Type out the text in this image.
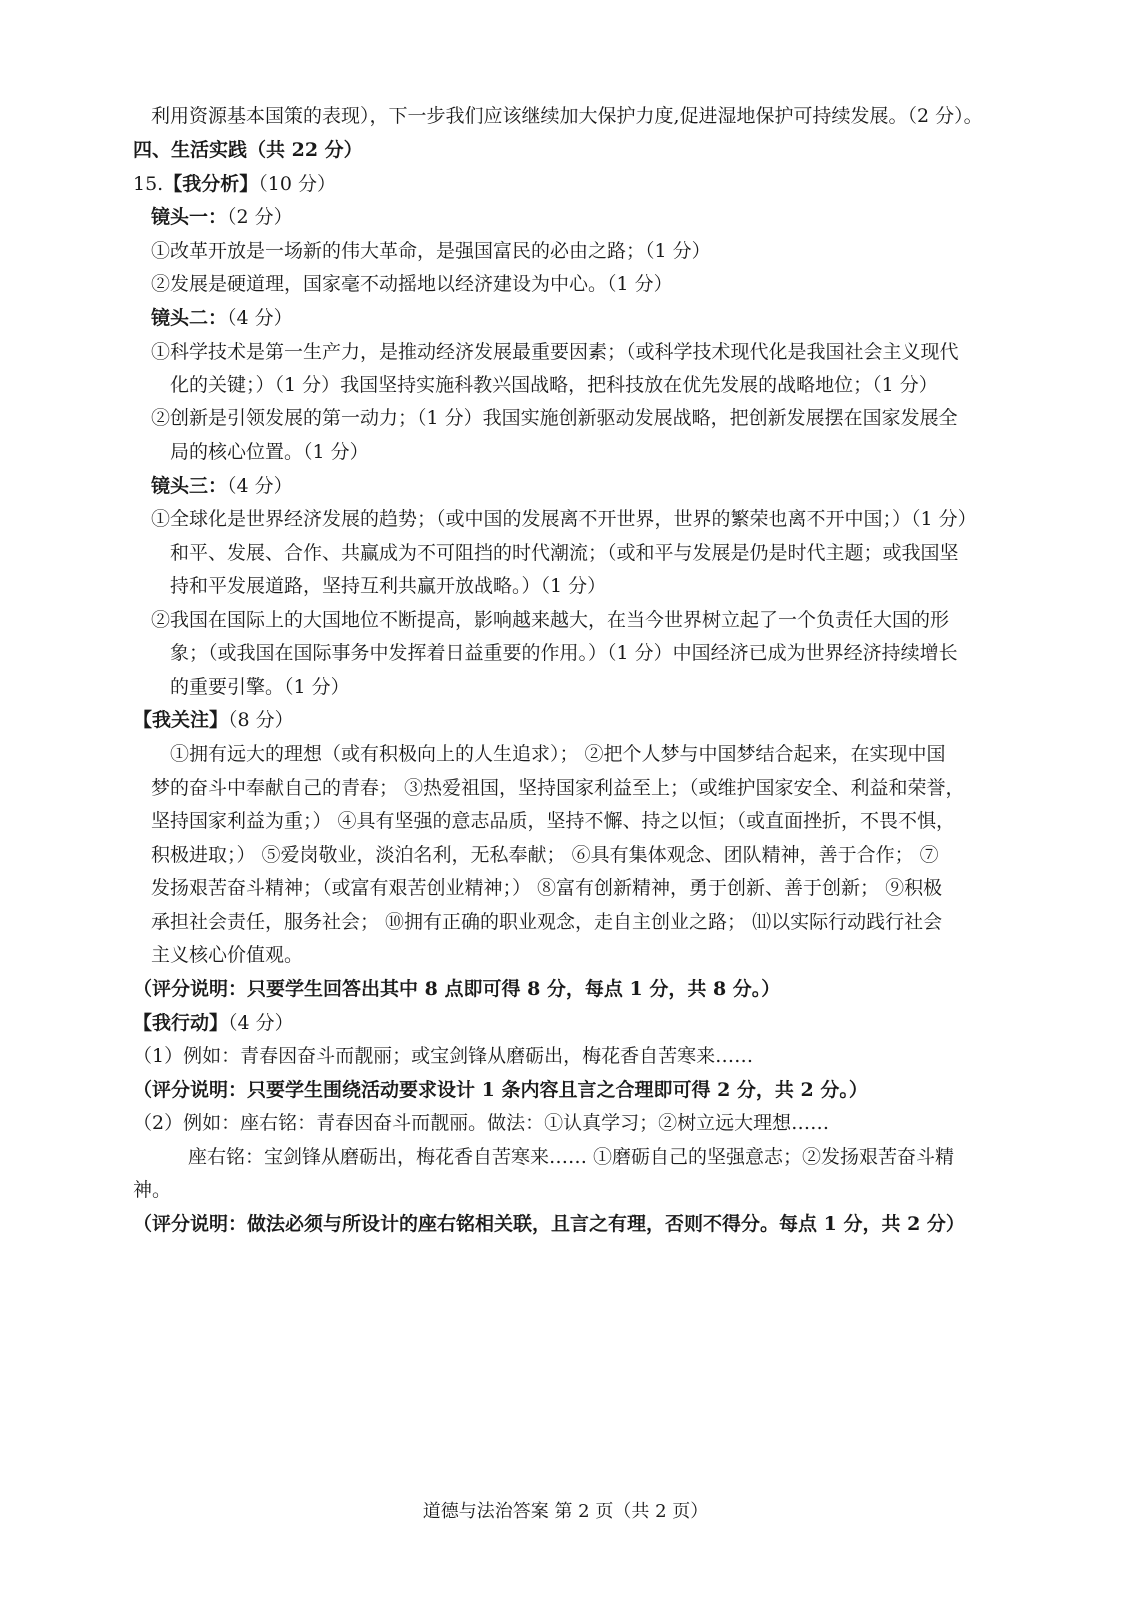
利用资源基本国策的表现），下一步我们应该继续加大保护力度,促进湿地保护可持续发展。（2 分）。
四、生活实践（共 22 分）
15.【我分析】（10 分）
镜头一：（2 分）
①改革开放是一场新的伟大革命，是强国富民的必由之路；（1 分）
②发展是硬道理，国家毫不动摇地以经济建设为中心。（1 分）
镜头二：（4 分）
①科学技术是第一生产力，是推动经济发展最重要因素；（或科学技术现代化是我国社会主义现代
化的关键；）（1 分）我国坚持实施科教兴国战略，把科技放在优先发展的战略地位；（1 分）
②创新是引领发展的第一动力；（1 分）我国实施创新驱动发展战略，把创新发展摆在国家发展全
局的核心位置。（1 分）
镜头三：（4 分）
①全球化是世界经济发展的趋势；（或中国的发展离不开世界，世界的繁荣也离不开中国；）（1 分）
和平、发展、合作、共赢成为不可阻挡的时代潮流；（或和平与发展是仍是时代主题；或我国坚
持和平发展道路，坚持互利共赢开放战略。）（1 分）
②我国在国际上的大国地位不断提高，影响越来越大，在当今世界树立起了一个负责任大国的形
象；（或我国在国际事务中发挥着日益重要的作用。）（1 分）中国经济已成为世界经济持续增长
的重要引擎。（1 分）
【我关注】（8 分）
①拥有远大的理想（或有积极向上的人生追求）； ②把个人梦与中国梦结合起来，在实现中国
梦的奋斗中奉献自己的青春； ③热爱祖国，坚持国家利益至上；（或维护国家安全、利益和荣誉，
坚持国家利益为重；） ④具有坚强的意志品质，坚持不懈、持之以恒；（或直面挫折，不畏不惧，
积极进取；） ⑤爱岗敬业，淡泊名利，无私奉献； ⑥具有集体观念、团队精神，善于合作； ⑦
发扬艰苦奋斗精神；（或富有艰苦创业精神；） ⑧富有创新精神，勇于创新、善于创新； ⑨积极
承担社会责任，服务社会； ⑩拥有正确的职业观念，走自主创业之路； ⑾以实际行动践行社会
主义核心价值观。
（评分说明：只要学生回答出其中 8 点即可得 8 分，每点 1 分，共 8 分。）
【我行动】（4 分）
（1）例如：青春因奋斗而靓丽；或宝剑锋从磨砺出，梅花香自苦寒来……
（评分说明：只要学生围绕活动要求设计 1 条内容且言之合理即可得 2 分，共 2 分。）
（2）例如：座右铭：青春因奋斗而靓丽。做法：①认真学习；②树立远大理想……
座右铭：宝剑锋从磨砺出，梅花香自苦寒来…… ①磨砺自己的坚强意志；②发扬艰苦奋斗精
神。
（评分说明：做法必须与所设计的座右铭相关联，且言之有理，否则不得分。每点 1 分，共 2 分）
道德与法治答案 第 2 页（共 2 页）
